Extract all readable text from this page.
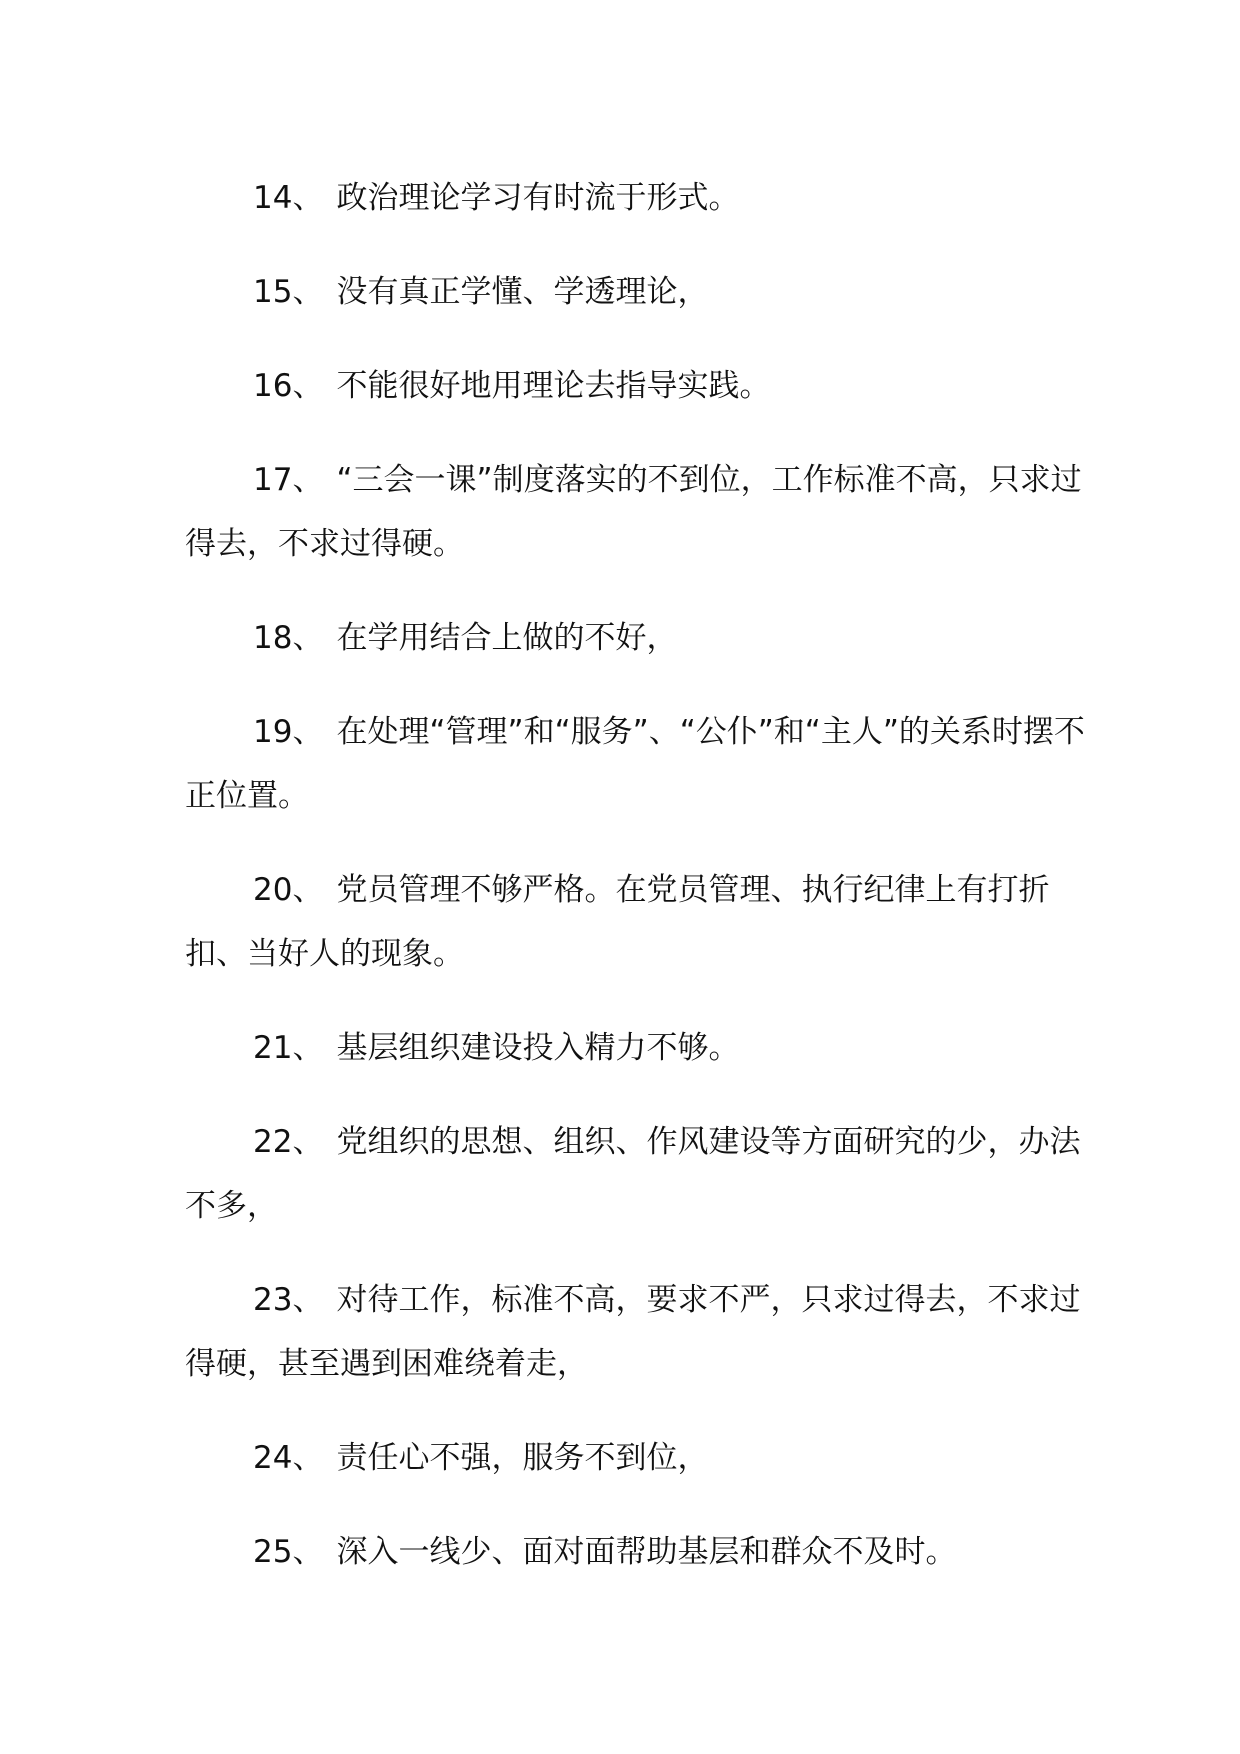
14、 政治理论学习有时流于形式。

15、 没有真正学懂、学透理论，

16、 不能很好地用理论去指导实践。

17、 “三会一课”制度落实的不到位，工作标准不高，只求过得去，不求过得硬。

18、 在学用结合上做的不好，

19、 在处理“管理”和“服务”、“公仆”和“主人”的关系时摆不正位置。

20、 党员管理不够严格。在党员管理、执行纪律上有打折扣、当好人的现象。

21、 基层组织建设投入精力不够。

22、 党组织的思想、组织、作风建设等方面研究的少，办法不多，

23、 对待工作，标准不高，要求不严，只求过得去，不求过得硬，甚至遇到困难绕着走，

24、 责任心不强，服务不到位，

25、 深入一线少、面对面帮助基层和群众不及时。
